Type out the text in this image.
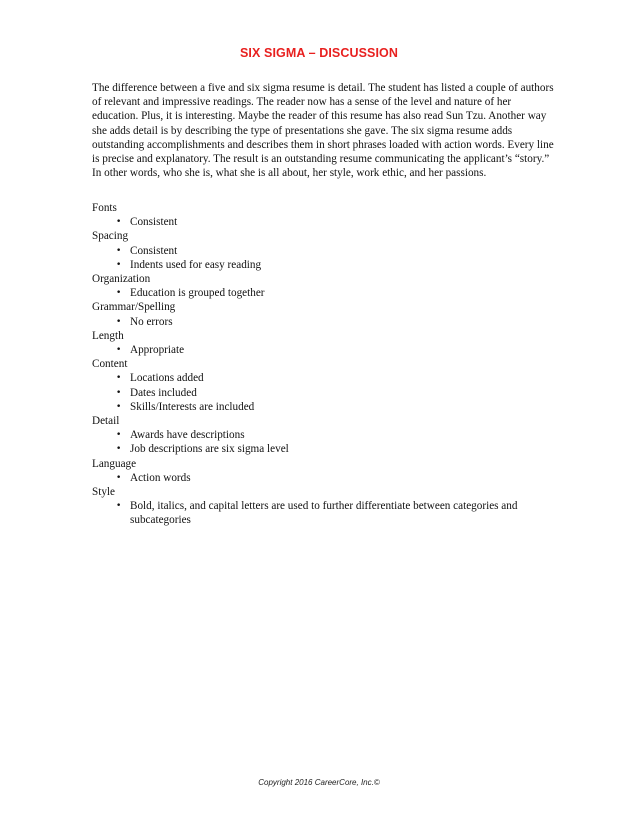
SIX SIGMA – DISCUSSION

The difference between a five and six sigma resume is detail. The student has listed a couple of authors of relevant and impressive readings. The reader now has a sense of the level and nature of her education. Plus, it is interesting. Maybe the reader of this resume has also read Sun Tzu. Another way she adds detail is by describing the type of presentations she gave. The six sigma resume adds outstanding accomplishments and describes them in short phrases loaded with action words. Every line is precise and explanatory. The result is an outstanding resume communicating the applicant’s “story.” In other words, who she is, what she is all about, her style, work ethic, and her passions.

Fonts
• Consistent
Spacing
• Consistent
• Indents used for easy reading
Organization
• Education is grouped together
Grammar/Spelling
• No errors
Length
• Appropriate
Content
• Locations added
• Dates included
• Skills/Interests are included
Detail
• Awards have descriptions
• Job descriptions are six sigma level
Language
• Action words
Style
• Bold, italics, and capital letters are used to further differentiate between categories and subcategories
Copyright 2016 CareerCore, Inc.©
